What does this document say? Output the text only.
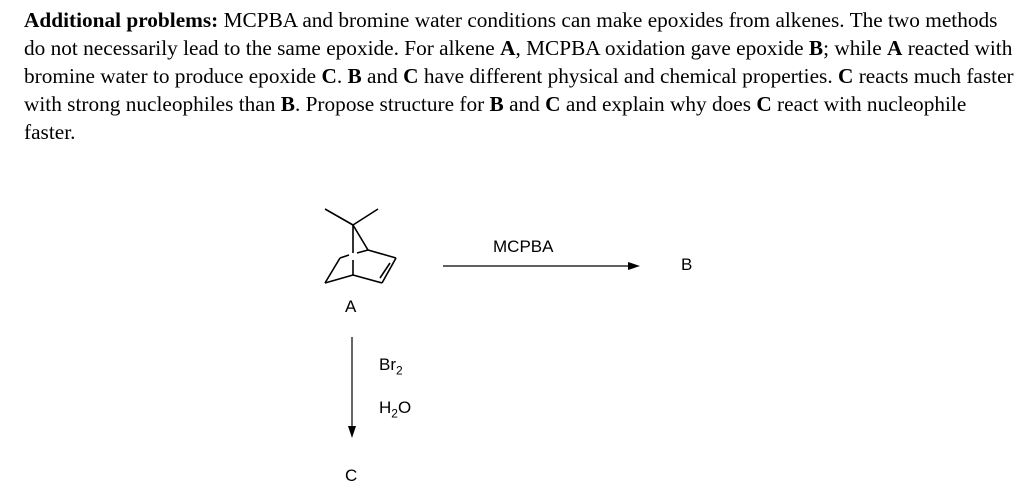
Additional problems: MCPBA and bromine water conditions can make epoxides from alkenes. The two methods do not necessarily lead to the same epoxide. For alkene A, MCPBA oxidation gave epoxide B; while A reacted with bromine water to produce epoxide C. B and C have different physical and chemical properties. C reacts much faster with strong nucleophiles than B. Propose structure for B and C and explain why does C react with nucleophile faster.
A
MCPBA
B
$Br_2$
$H_2O$
C
